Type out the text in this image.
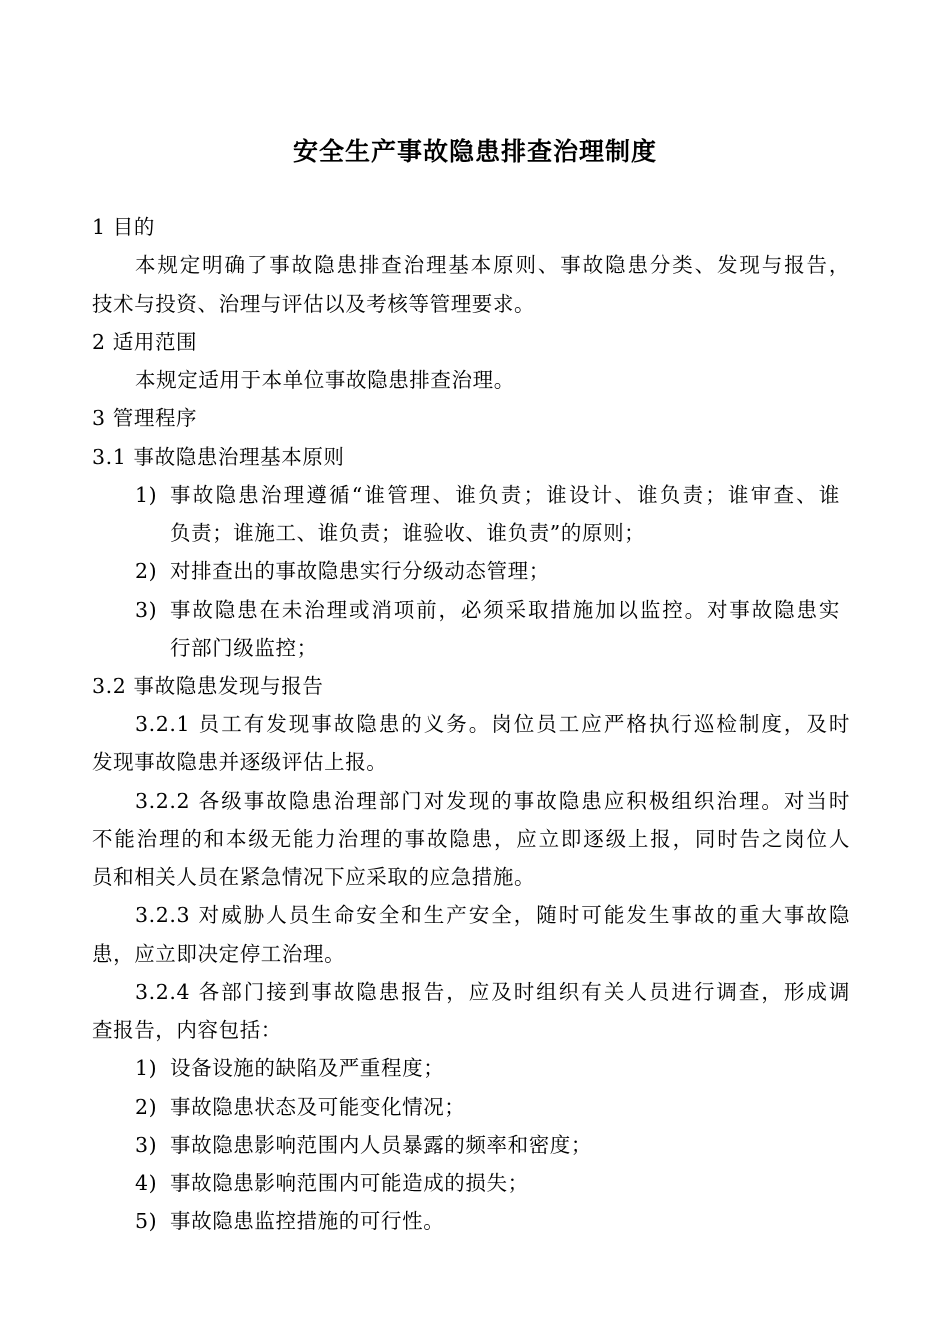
安全生产事故隐患排查治理制度
1 目的
本规定明确了事故隐患排查治理基本原则、事故隐患分类、发现与报告，
技术与投资、治理与评估以及考核等管理要求。
2 适用范围
本规定适用于本单位事故隐患排查治理。
3 管理程序
3.1 事故隐患治理基本原则
1) 事故隐患治理遵循“谁管理、谁负责；谁设计、谁负责；谁审查、谁
负责；谁施工、谁负责；谁验收、谁负责”的原则；
2) 对排查出的事故隐患实行分级动态管理；
3) 事故隐患在未治理或消项前，必须采取措施加以监控。对事故隐患实
行部门级监控；
3.2 事故隐患发现与报告
3.2.1 员工有发现事故隐患的义务。岗位员工应严格执行巡检制度，及时
发现事故隐患并逐级评估上报。
3.2.2 各级事故隐患治理部门对发现的事故隐患应积极组织治理。对当时
不能治理的和本级无能力治理的事故隐患，应立即逐级上报，同时告之岗位人
员和相关人员在紧急情况下应采取的应急措施。
3.2.3 对威胁人员生命安全和生产安全，随时可能发生事故的重大事故隐
患，应立即决定停工治理。
3.2.4 各部门接到事故隐患报告，应及时组织有关人员进行调查，形成调
查报告，内容包括：
1) 设备设施的缺陷及严重程度；
2) 事故隐患状态及可能变化情况；
3) 事故隐患影响范围内人员暴露的频率和密度；
4) 事故隐患影响范围内可能造成的损失；
5) 事故隐患监控措施的可行性。
